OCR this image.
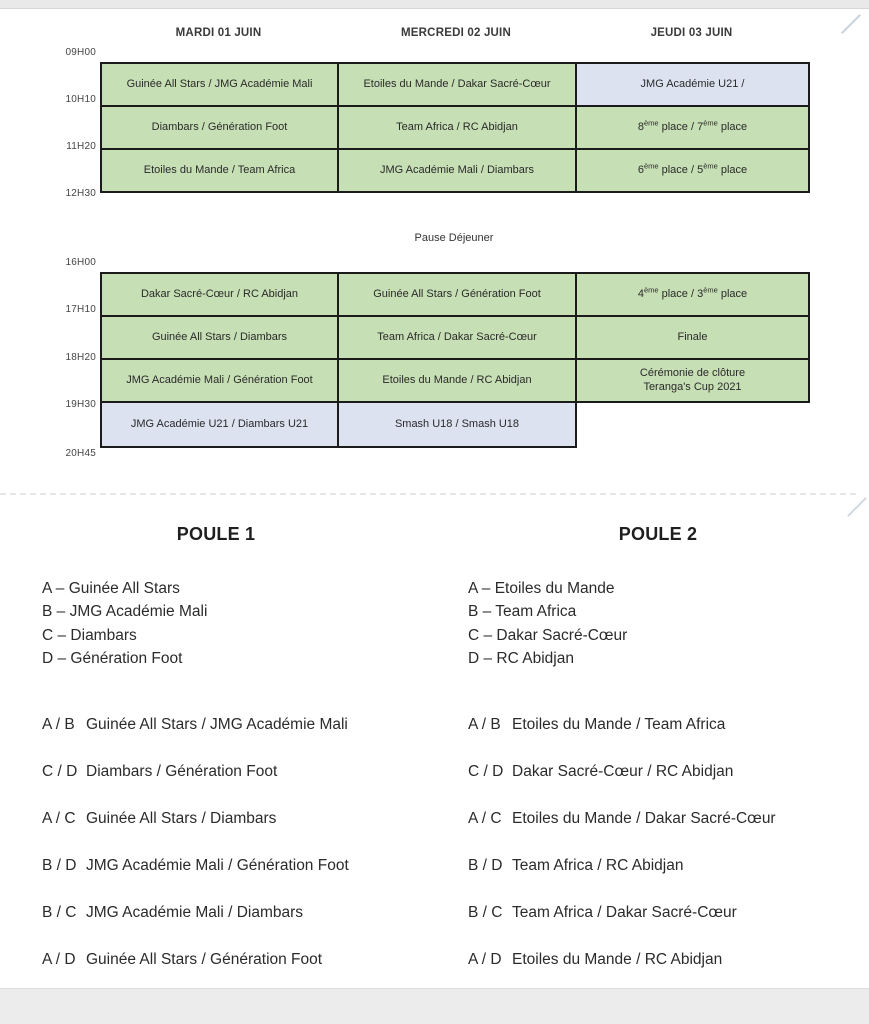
MARDI 01 JUIN	MERCREDI 02 JUIN	JEUDI 03 JUIN
09H00
10H10
11H20
12H30
Guinée All Stars / JMG Académie Mali	Etoiles du Mande / Dakar Sacré-Cœur	JMG Académie U21 /
Diambars / Génération Foot	Team Africa / RC Abidjan	8ème place / 7ème place
Etoiles du Mande / Team Africa	JMG Académie Mali / Diambars	6ème place / 5ème place
Pause Déjeuner
16H00
17H10
18H20
19H30
20H45
Dakar Sacré-Cœur / RC Abidjan	Guinée All Stars / Génération Foot	4ème place / 3ème place
Guinée All Stars / Diambars	Team Africa / Dakar Sacré-Cœur	Finale
JMG Académie Mali / Génération Foot	Etoiles du Mande / RC Abidjan	Cérémonie de clôture
Teranga's Cup 2021

JMG Académie U21 / Diambars U21	Smash U18 / Smash U18	
POULE 1
A – Guinée All Stars
B – JMG Académie Mali
C – Diambars
D – Génération Foot
A / B Guinée All Stars / JMG Académie Mali
C / D Diambars / Génération Foot
A / C Guinée All Stars / Diambars
B / D JMG Académie Mali / Génération Foot
B / C JMG Académie Mali / Diambars
A / D Guinée All Stars / Génération Foot
POULE 2
A – Etoiles du Mande
B – Team Africa
C – Dakar Sacré-Cœur
D – RC Abidjan
A / B Etoiles du Mande / Team Africa
C / D Dakar Sacré-Cœur / RC Abidjan
A / C Etoiles du Mande / Dakar Sacré-Cœur
B / D Team Africa / RC Abidjan
B / C Team Africa / Dakar Sacré-Cœur
A / D Etoiles du Mande / RC Abidjan
